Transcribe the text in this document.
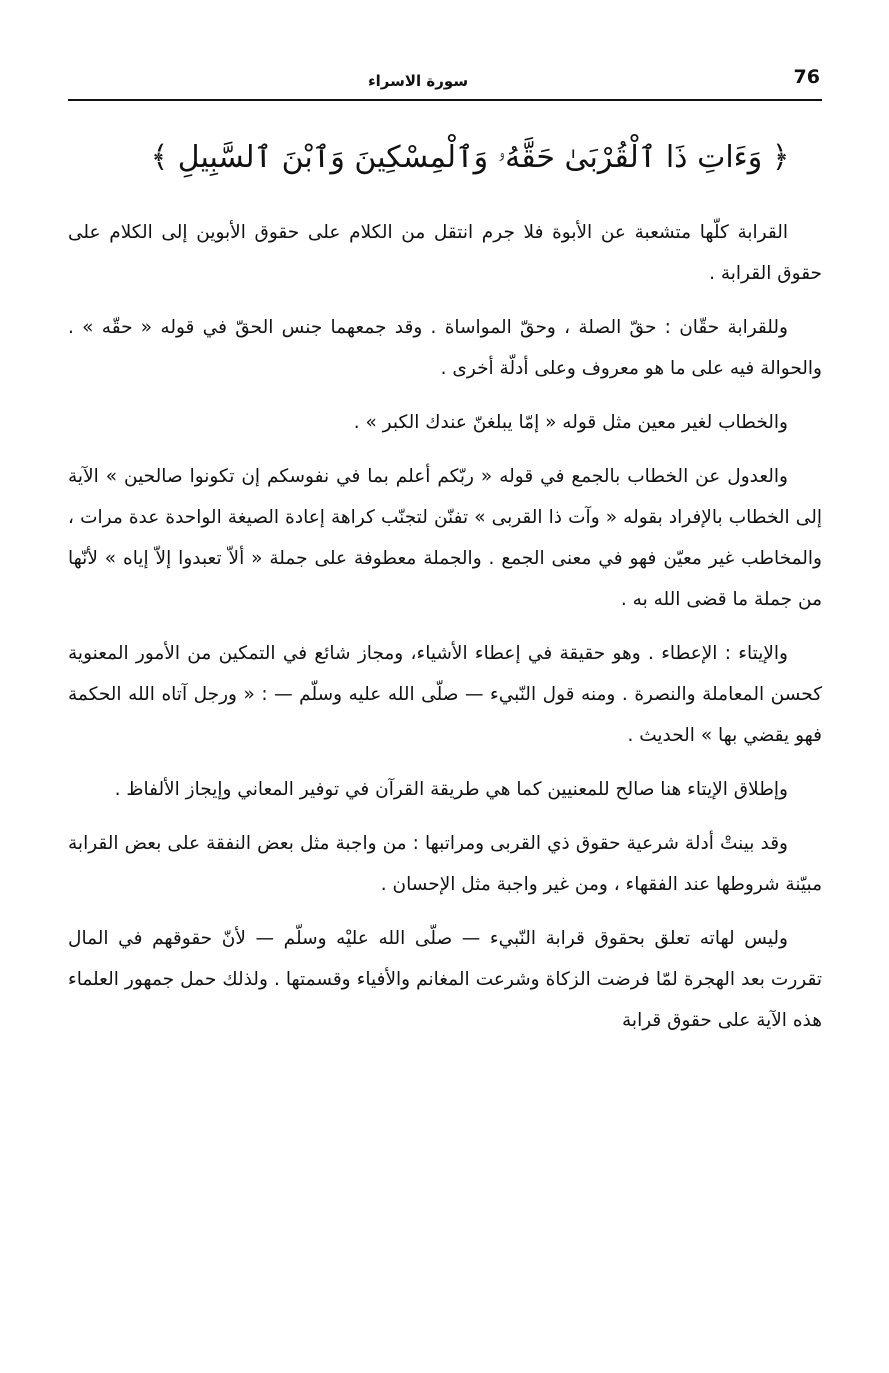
76
سورة الاسراء
﴿ وَءَاتِ ذَا ٱلْقُرْبَىٰ حَقَّهُۥ وَٱلْمِسْكِينَ وَٱبْنَ ٱلسَّبِيلِ ﴾

القرابة كلّها متشعبة عن الأبوة فلا جرم انتقل من الكلام على حقوق الأبوين إلى الكلام على حقوق القرابة .

وللقرابة حقّان : حقّ الصلة ، وحقّ المواساة . وقد جمعهما جنس الحقّ في قوله « حقّه » . والحوالة فيه على ما هو معروف وعلى أدلّة أخرى .

والخطاب لغير معين مثل قوله « إمّا يبلغنّ عندك الكبر » .

والعدول عن الخطاب بالجمع في قوله « ربّكم أعلم بما في نفوسكم إن تكونوا صالحين » الآية إلى الخطاب بالإفراد بقوله « وآت ذا القربى » تفنّن لتجنّب كراهة إعادة الصيغة الواحدة عدة مرات ، والمخاطب غير معيّن فهو في معنى الجمع . والجملة معطوفة على جملة « ألاّ تعبدوا إلاّ إياه » لأنّها من جملة ما قضى الله به .

والإيتاء : الإعطاء . وهو حقيقة في إعطاء الأشياء، ومجاز شائع في التمكين من الأمور المعنوية كحسن المعاملة والنصرة . ومنه قول النّبيء — صلّى الله عليه وسلّم — : « ورجل آتاه الله الحكمة فهو يقضي بها » الحديث .

وإطلاق الإيتاء هنا صالح للمعنيين كما هي طريقة القرآن في توفير المعاني وإيجاز الألفاظ .

وقد بينتْ أدلة شرعية حقوق ذي القربى ومراتبها : من واجبة مثل بعض النفقة على بعض القرابة مبيّنة شروطها عند الفقهاء ، ومن غير واجبة مثل الإحسان .

وليس لهاته تعلق بحقوق قرابة النّبيء — صلّى الله عليْه وسلّم — لأنّ حقوقهم في المال تقررت بعد الهجرة لمّا فرضت الزكاة وشرعت المغانم والأفياء وقسمتها . ولذلك حمل جمهور العلماء هذه الآية على حقوق قرابة
